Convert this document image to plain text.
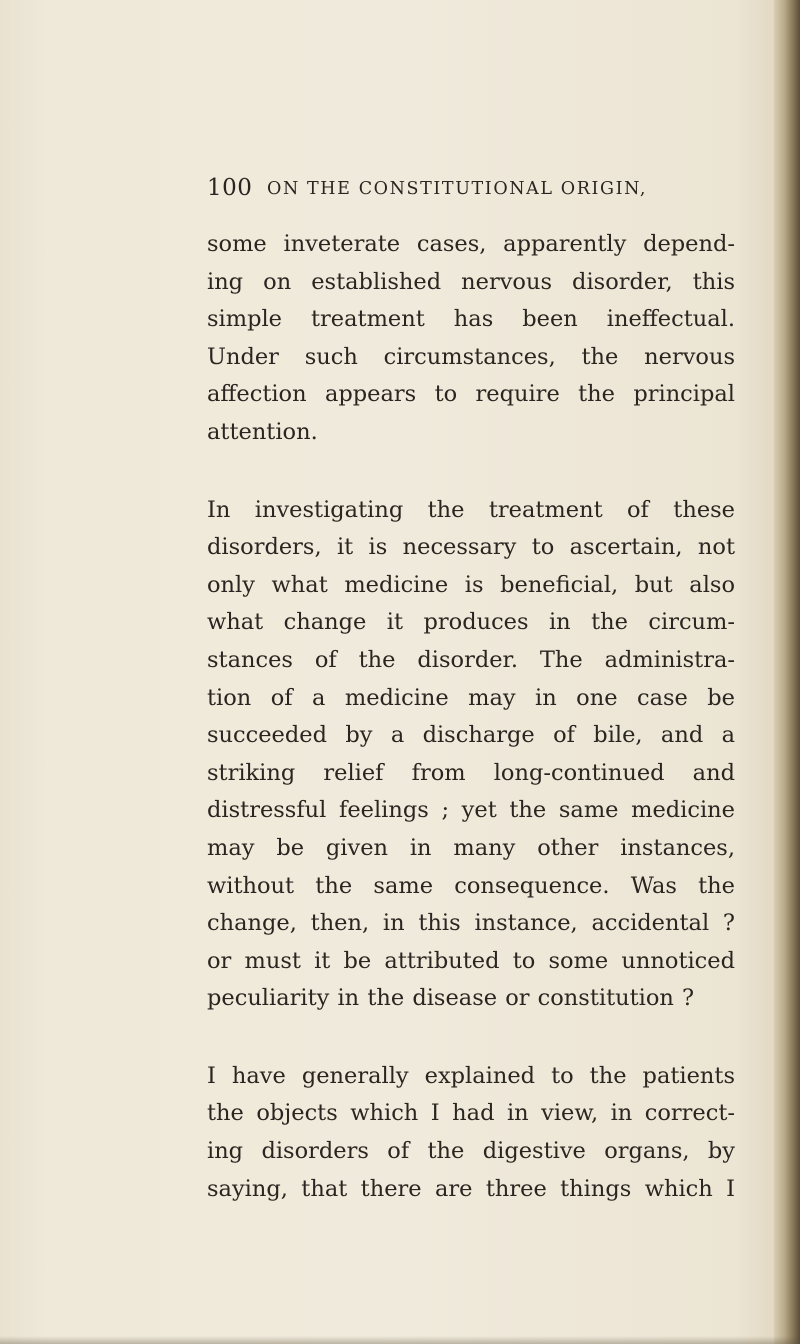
100 ON THE CONSTITUTIONAL ORIGIN,
some inveterate cases, apparently depend-
ing on established nervous disorder, this
simple treatment has been ineffectual.
Under such circumstances, the nervous
affection appears to require the principal
attention.
In investigating the treatment of these
disorders, it is necessary to ascertain, not
only what medicine is beneficial, but also
what change it produces in the circum-
stances of the disorder. The administra-
tion of a medicine may in one case be
succeeded by a discharge of bile, and a
striking relief from long-continued and
distressful feelings ; yet the same medicine
may be given in many other instances,
without the same consequence. Was the
change, then, in this instance, accidental ?
or must it be attributed to some unnoticed
peculiarity in the disease or constitution ?
I have generally explained to the patients
the objects which I had in view, in correct-
ing disorders of the digestive organs, by
saying, that there are three things which I
